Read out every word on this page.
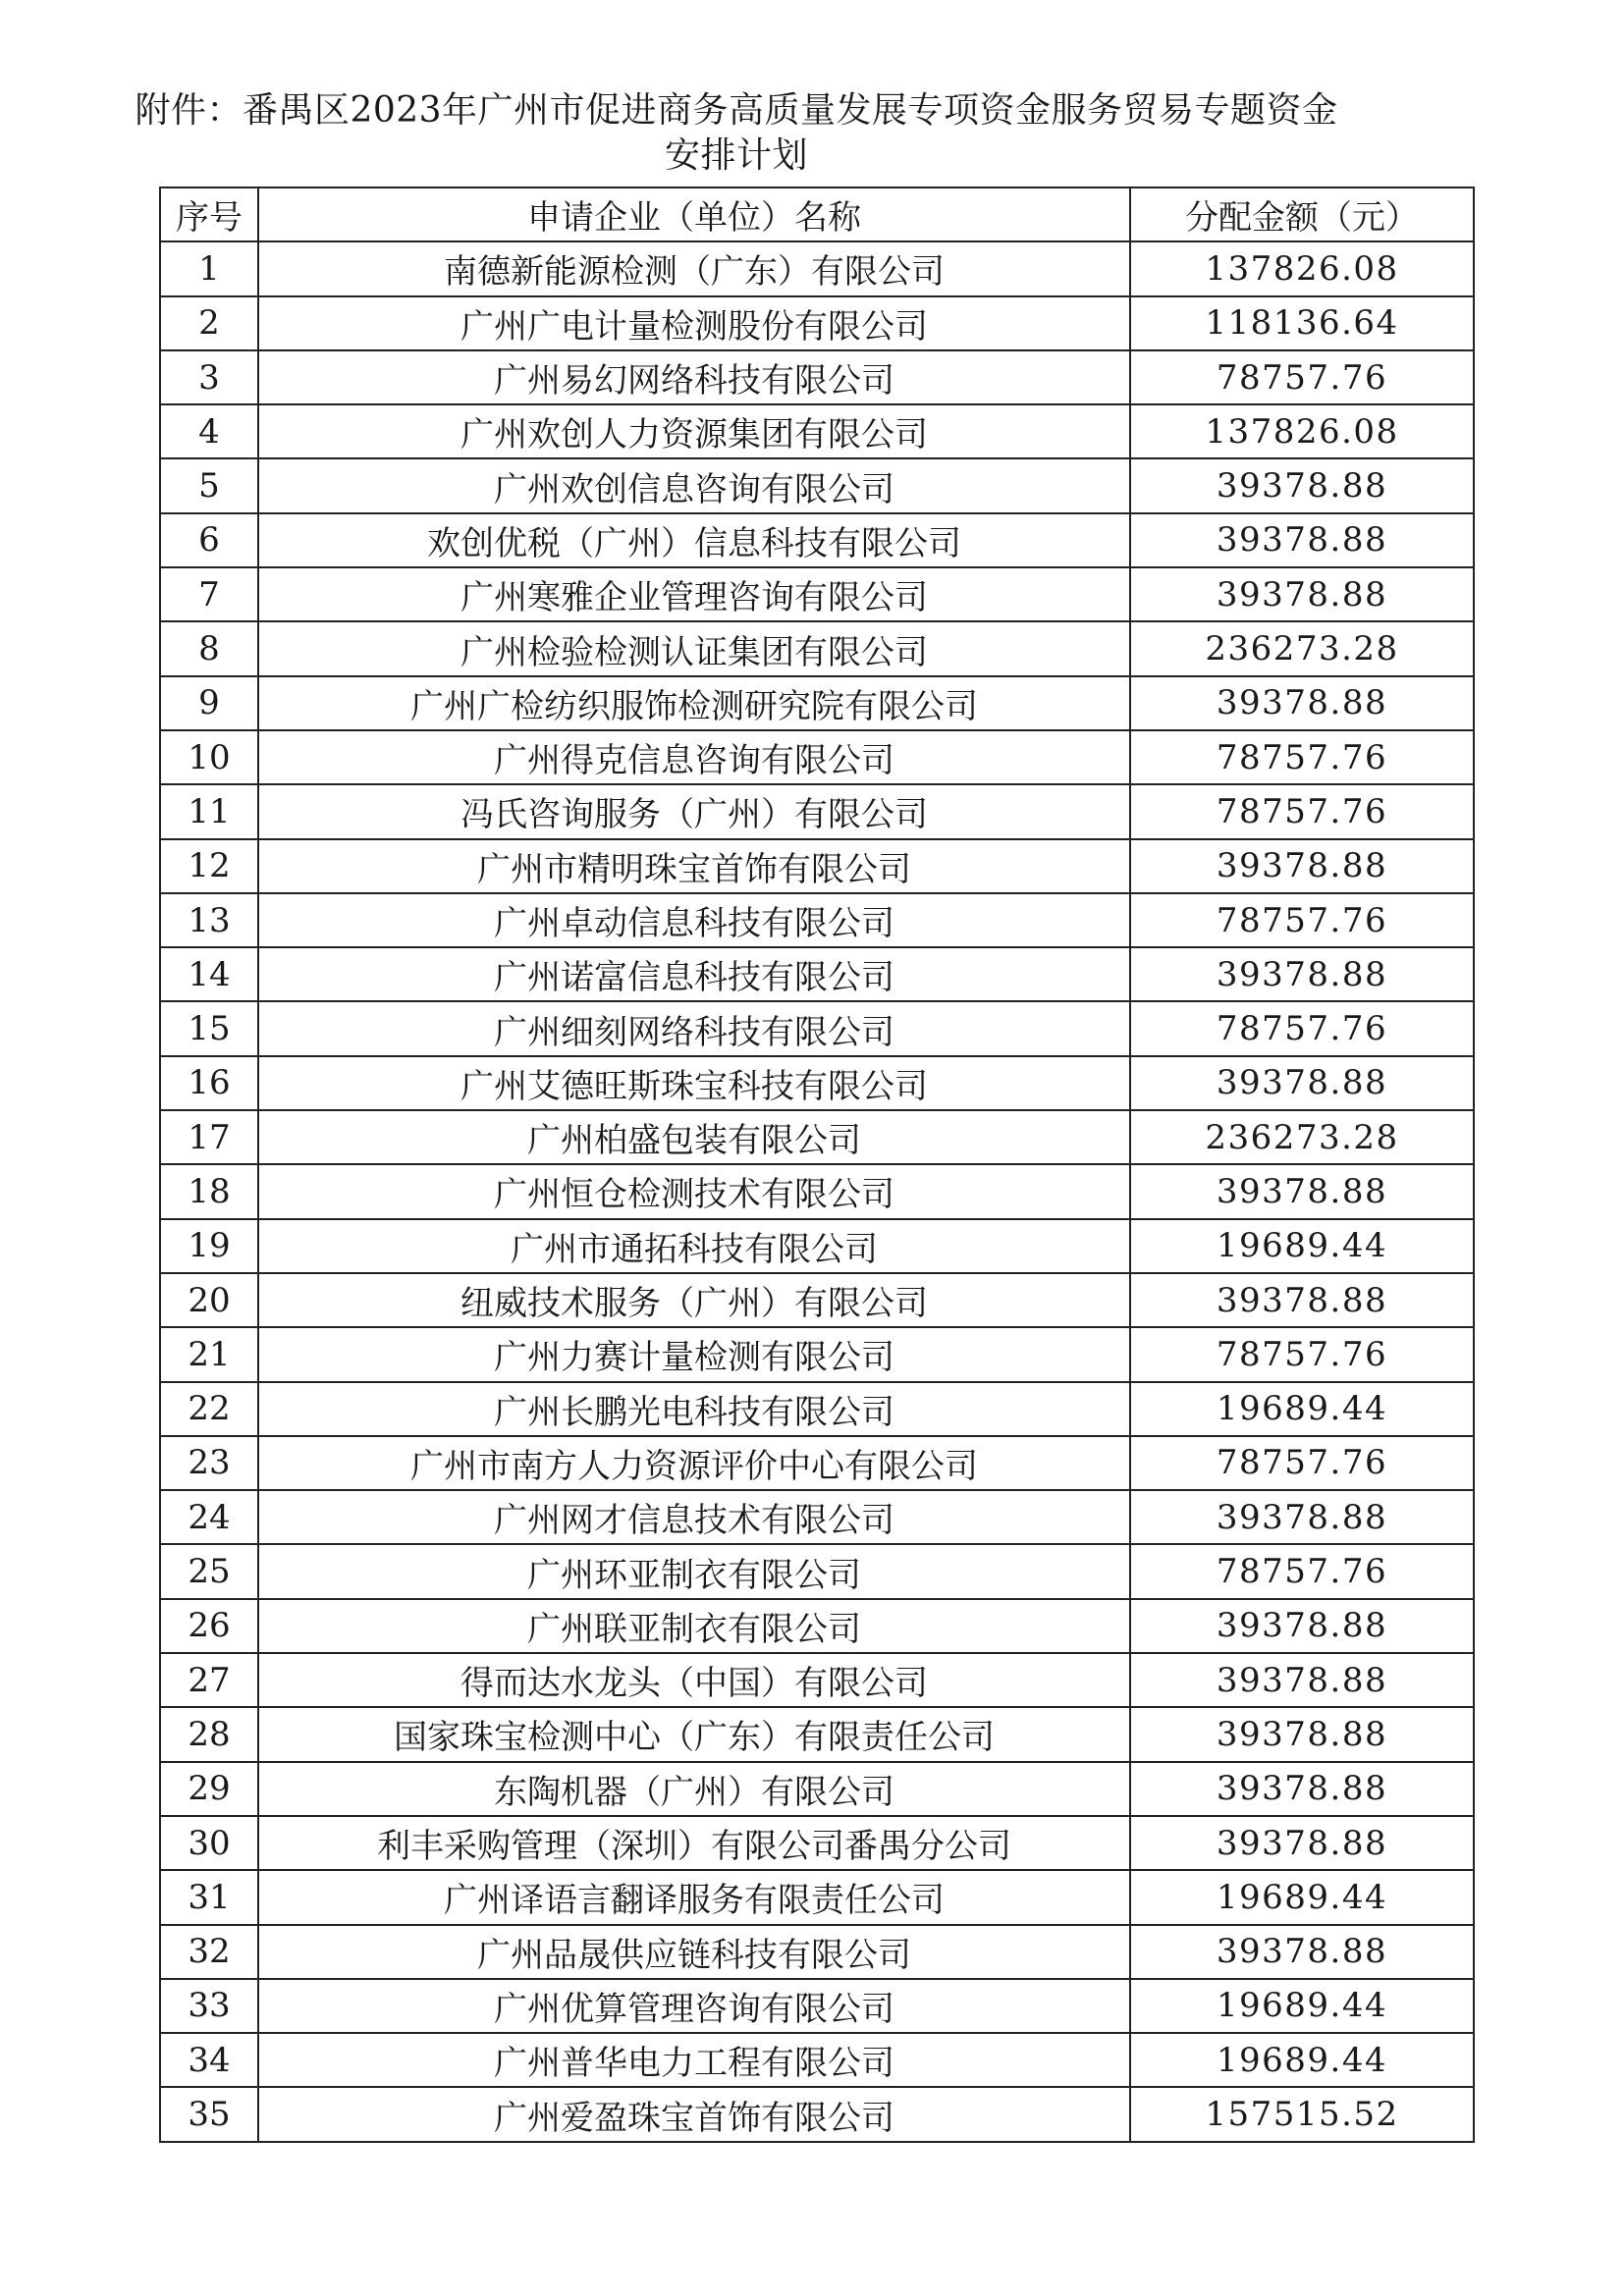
附件：番禺区2023年广州市促进商务高质量发展专项资金服务贸易专题资金
安排计划
序号	申请企业（单位）名称	分配金额（元）
1	南德新能源检测（广东）有限公司	137826.08
2	广州广电计量检测股份有限公司	118136.64
3	广州易幻网络科技有限公司	78757.76
4	广州欢创人力资源集团有限公司	137826.08
5	广州欢创信息咨询有限公司	39378.88
6	欢创优税（广州）信息科技有限公司	39378.88
7	广州寒雅企业管理咨询有限公司	39378.88
8	广州检验检测认证集团有限公司	236273.28
9	广州广检纺织服饰检测研究院有限公司	39378.88
10	广州得克信息咨询有限公司	78757.76
11	冯氏咨询服务（广州）有限公司	78757.76
12	广州市精明珠宝首饰有限公司	39378.88
13	广州卓动信息科技有限公司	78757.76
14	广州诺富信息科技有限公司	39378.88
15	广州细刻网络科技有限公司	78757.76
16	广州艾德旺斯珠宝科技有限公司	39378.88
17	广州柏盛包装有限公司	236273.28
18	广州恒仓检测技术有限公司	39378.88
19	广州市通拓科技有限公司	19689.44
20	纽威技术服务（广州）有限公司	39378.88
21	广州力赛计量检测有限公司	78757.76
22	广州长鹏光电科技有限公司	19689.44
23	广州市南方人力资源评价中心有限公司	78757.76
24	广州网才信息技术有限公司	39378.88
25	广州环亚制衣有限公司	78757.76
26	广州联亚制衣有限公司	39378.88
27	得而达水龙头（中国）有限公司	39378.88
28	国家珠宝检测中心（广东）有限责任公司	39378.88
29	东陶机器（广州）有限公司	39378.88
30	利丰采购管理（深圳）有限公司番禺分公司	39378.88
31	广州译语言翻译服务有限责任公司	19689.44
32	广州品晟供应链科技有限公司	39378.88
33	广州优算管理咨询有限公司	19689.44
34	广州普华电力工程有限公司	19689.44
35	广州爱盈珠宝首饰有限公司	157515.52
